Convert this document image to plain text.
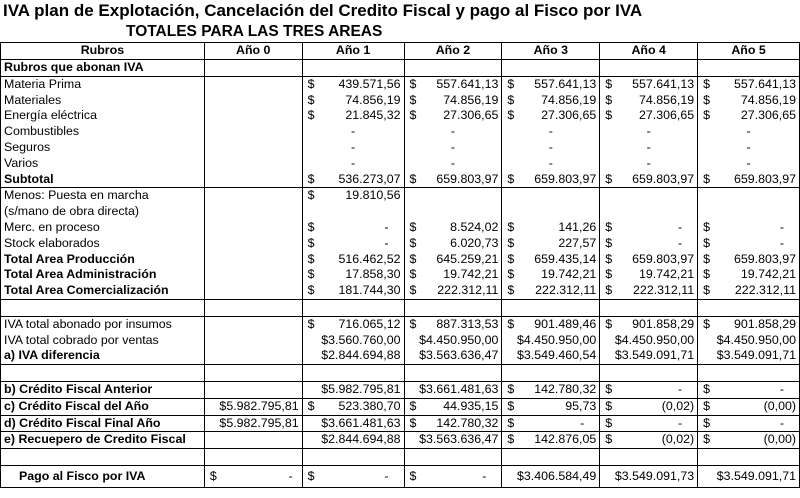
IVA plan de Explotación, Cancelación del Credito Fiscal y pago al Fisco por IVA
TOTALES PARA LAS TRES AREAS
Rubros	Año 0	Año 1	Año 2	Año 3	Año 4	Año 5
Rubros que abonan IVA						
Materia Prima		$ 439.571,56	$ 557.641,13	$ 557.641,13	$ 557.641,13	$ 557.641,13

Materiales		$ 74.856,19	$ 74.856,19	$ 74.856,19	$ 74.856,19	$ 74.856,19

Energía eléctrica		$ 21.845,32	$ 27.306,65	$ 27.306,65	$ 27.306,65	$ 27.306,65

Combustibles		-	-	-	-	-

Seguros		-	-	-	-	-

Varios		-	-	-	-	-

Subtotal		$ 536.273,07	$ 659.803,97	$ 659.803,97	$ 659.803,97	$ 659.803,97

Menos: Puesta en marcha		$ 19.810,56				

(s/mano de obra directa)						
Merc. en proceso		$ -	$ 8.524,02	$ 141,26	$ -	$ -

Stock elaborados		$ -	$ 6.020,73	$ 227,57	$ -	$ -

Total Area Producción		$ 516.462,52	$ 645.259,21	$ 659.435,14	$ 659.803,97	$ 659.803,97

Total Area Administración		$ 17.858,30	$ 19.742,21	$ 19.742,21	$ 19.742,21	$ 19.742,21

Total Area Comercialización		$ 181.744,30	$ 222.312,11	$ 222.312,11	$ 222.312,11	$ 222.312,11

IVA total abonado por insumos		$ 716.065,12	$ 887.313,53	$ 901.489,46	$ 901.858,29	$ 901.858,29

IVA total cobrado por ventas		$3.560.760,00	$4.450.950,00	$4.450.950,00	$4.450.950,00	$4.450.950,00

a) IVA diferencia		$2.844.694,88	$3.563.636,47	$3.549.460,54	$3.549.091,71	$3.549.091,71

b) Crédito Fiscal Anterior		$5.982.795,81	$3.661.481,63	$ 142.780,32	$ -	$ -

c) Crédito Fiscal del Año	$5.982.795,81	$ 523.380,70	$ 44.935,15	$ 95,73	$ (0,02)	$ (0,00)

d) Crédito Fiscal Final Año	$5.982.795,81	$3.661.481,63	$ 142.780,32	$ -	$ -	$ -

e) Recuepero de Credito Fiscal		$2.844.694,88	$3.563.636,47	$ 142.876,05	$ (0,02)	$ (0,00)

Pago al Fisco por IVA	$ -	$ -	$ -	$3.406.584,49	$3.549.091,73	$3.549.091,71
